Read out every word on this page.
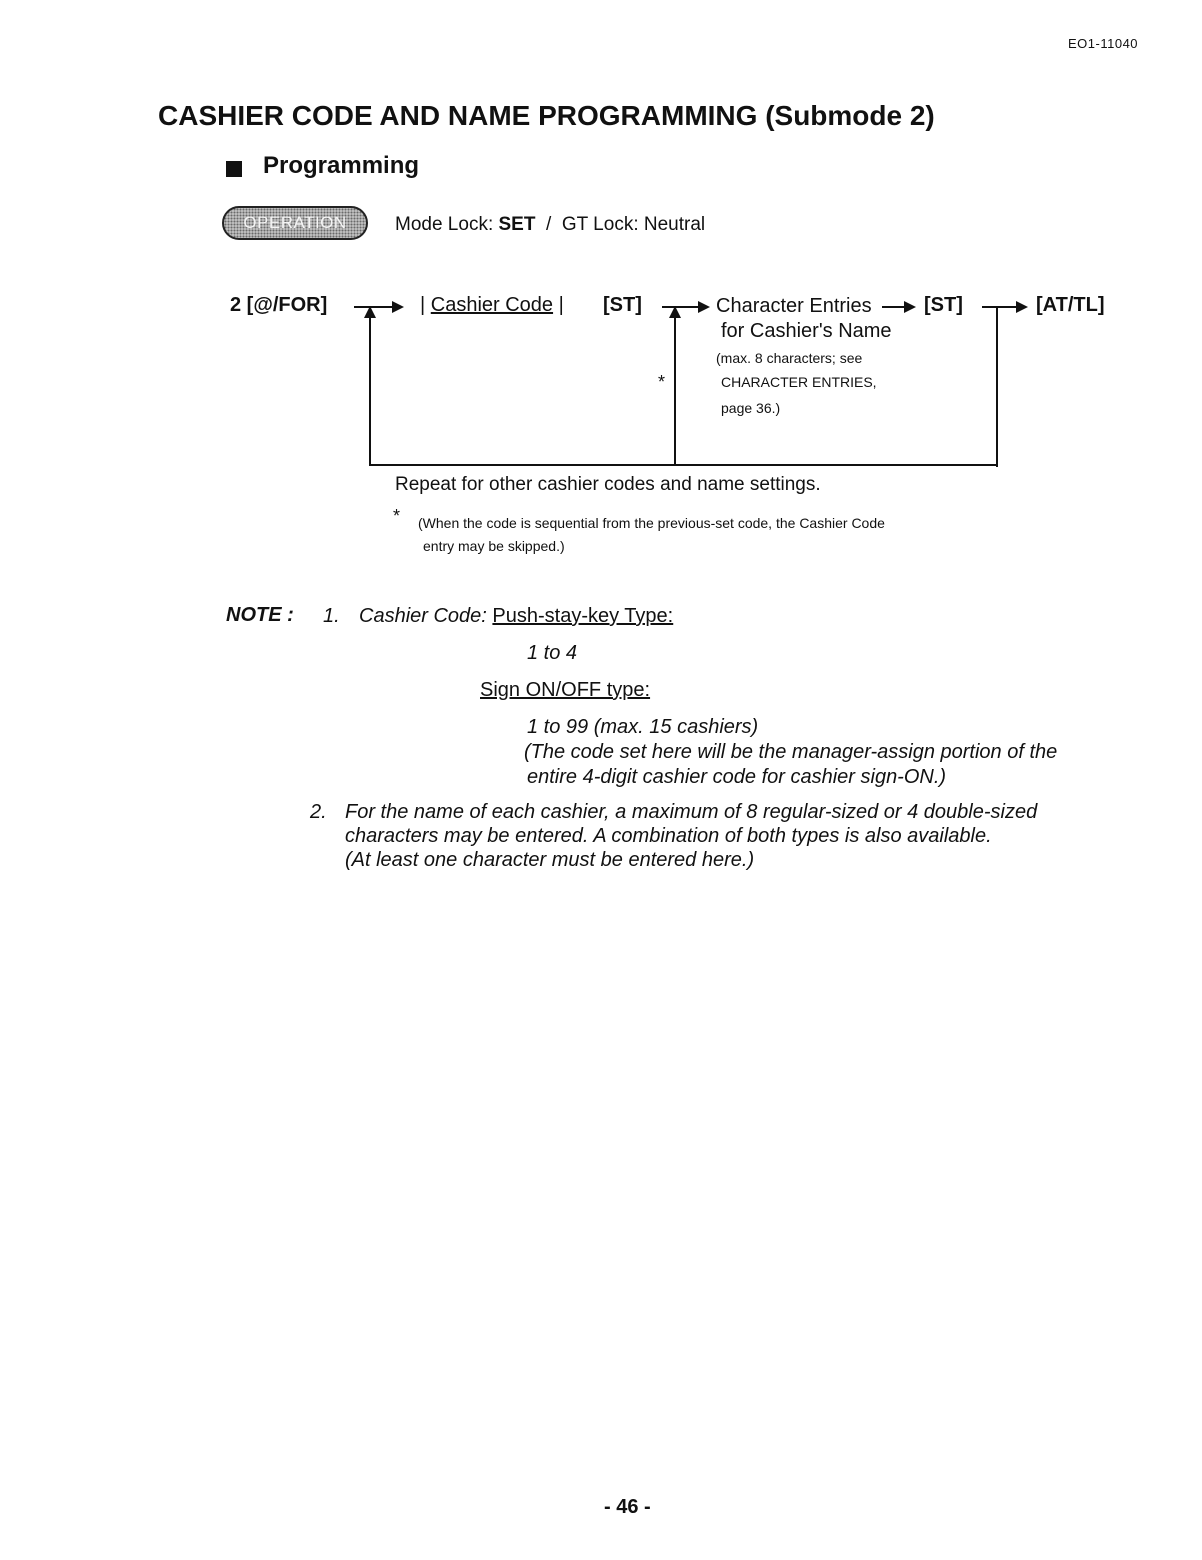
EO1-11040
CASHIER CODE AND NAME PROGRAMMING (Submode 2)
Programming
OPERATION	Mode Lock: SET / GT Lock: Neutral
2 [@/FOR]	| Cashier Code | [ST]	Character Entries
for Cashier's Name
(max. 8 characters; see
CHARACTER ENTRIES,
page 36.)
*
[ST]	[AT/TL]
Repeat for other cashier codes and name settings.
* (When the code is sequential from the previous-set code, the Cashier Code
entry may be skipped.)
NOTE : 1. Cashier Code: Push-stay-key Type:
1 to 4
Sign ON/OFF type:
1 to 99 (max. 15 cashiers)
(The code set here will be the manager-assign portion of the
entire 4-digit cashier code for cashier sign-ON.)
2. For the name of each cashier, a maximum of 8 regular-sized or 4 double-sized
characters may be entered. A combination of both types is also available.
(At least one character must be entered here.)
- 46 -
